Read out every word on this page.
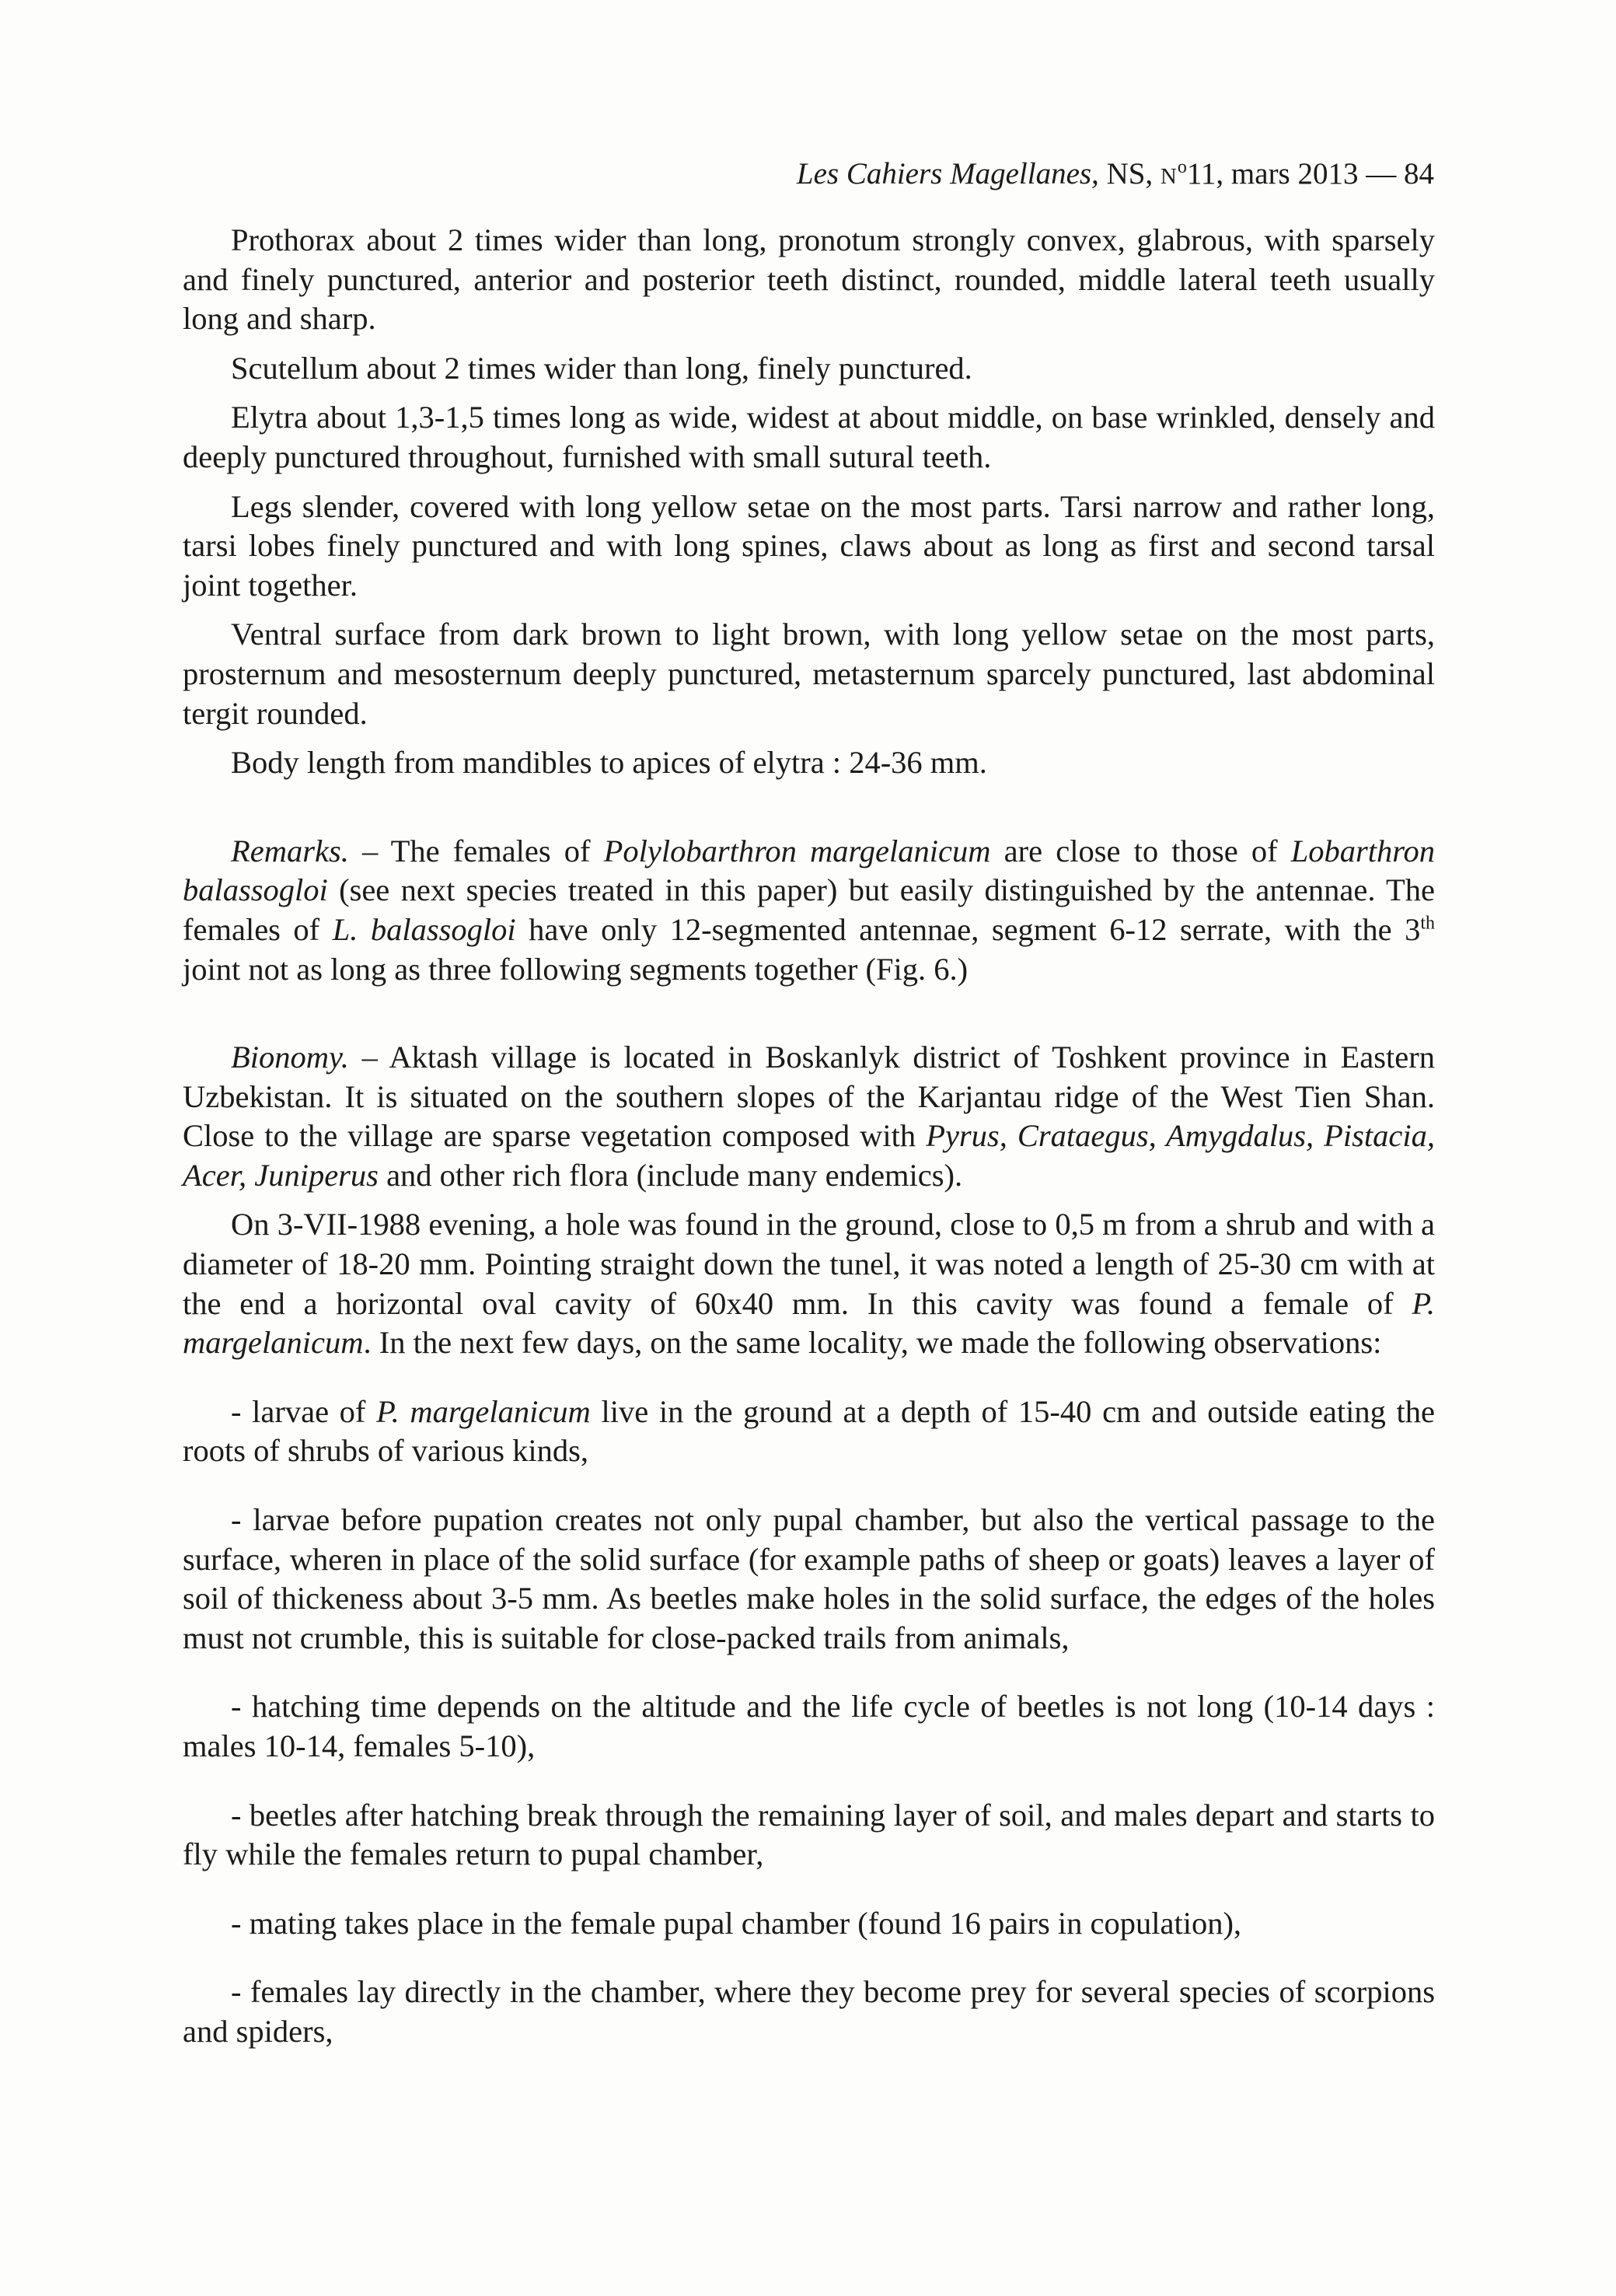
Les Cahiers Magellanes, NS, $N^o11$, mars 2013 — 84

Prothorax about 2 times wider than long, pronotum strongly convex, glabrous, with sparsely and finely punctured, anterior and posterior teeth distinct, rounded, middle lateral teeth usually long and sharp.

Scutellum about 2 times wider than long, finely punctured.

Elytra about 1,3-1,5 times long as wide, widest at about middle, on base wrinkled, densely and deeply punctured throughout, furnished with small sutural teeth.

Legs slender, covered with long yellow setae on the most parts. Tarsi narrow and rather long, tarsi lobes finely punctured and with long spines, claws about as long as first and second tarsal joint together.

Ventral surface from dark brown to light brown, with long yellow setae on the most parts, prosternum and mesosternum deeply punctured, metasternum sparcely punctured, last abdominal tergit rounded.

Body length from mandibles to apices of elytra : 24-36 mm.

Remarks. – The females of Polylobarthron margelanicum are close to those of Lobarthron balassogloi (see next species treated in this paper) but easily distinguished by the antennae. The females of L. balassogloi have only 12-segmented antennae, segment 6-12 serrate, with the 3th joint not as long as three following segments together (Fig. 6.)

Bionomy. – Aktash village is located in Boskanlyk district of Toshkent province in Eastern Uzbekistan. It is situated on the southern slopes of the Karjantau ridge of the West Tien Shan. Close to the village are sparse vegetation composed with Pyrus, Crataegus, Amygdalus, Pistacia, Acer, Juniperus and other rich flora (include many endemics).

On 3-VII-1988 evening, a hole was found in the ground, close to 0,5 m from a shrub and with a diameter of 18-20 mm. Pointing straight down the tunel, it was noted a length of 25-30 cm with at the end a horizontal oval cavity of 60x40 mm. In this cavity was found a female of P. margelanicum. In the next few days, on the same locality, we made the following observations:

- larvae of P. margelanicum live in the ground at a depth of 15-40 cm and outside eating the roots of shrubs of various kinds,

- larvae before pupation creates not only pupal chamber, but also the vertical passage to the surface, wheren in place of the solid surface (for example paths of sheep or goats) leaves a layer of soil of thickeness about 3-5 mm. As beetles make holes in the solid surface, the edges of the holes must not crumble, this is suitable for close-packed trails from animals,

- hatching time depends on the altitude and the life cycle of beetles is not long (10-14 days : males 10-14, females 5-10),

- beetles after hatching break through the remaining layer of soil, and males depart and starts to fly while the females return to pupal chamber,

- mating takes place in the female pupal chamber (found 16 pairs in copulation),

- females lay directly in the chamber, where they become prey for several species of scorpions and spiders,
